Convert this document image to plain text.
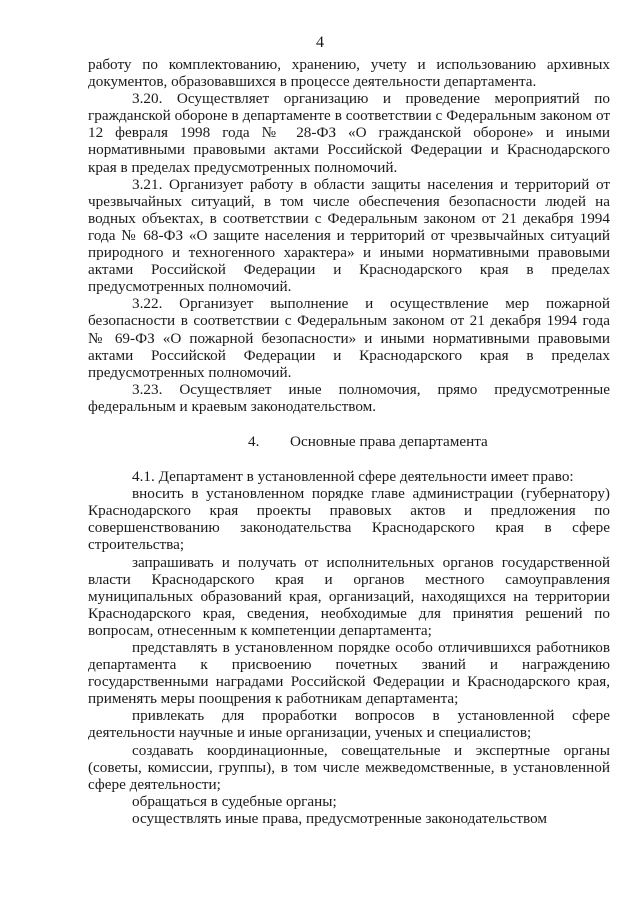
4

работу по комплектованию, хранению, учету и использованию архивных документов, образовавшихся в процессе деятельности департамента.

3.20. Осуществляет организацию и проведение мероприятий по гражданской обороне в департаменте в соответствии с Федеральным законом от 12 февраля 1998 года № 28-ФЗ «О гражданской обороне» и иными нормативными правовыми актами Российской Федерации и Краснодарского края в пределах предусмотренных полномочий.

3.21. Организует работу в области защиты населения и территорий от чрезвычайных ситуаций, в том числе обеспечения безопасности людей на водных объектах, в соответствии с Федеральным законом от 21 декабря 1994 года № 68-ФЗ «О защите населения и территорий от чрезвычайных ситуаций природного и техногенного характера» и иными нормативными правовыми актами Российской Федерации и Краснодарского края в пределах предусмотренных полномочий.

3.22. Организует выполнение и осуществление мер пожарной безопасности в соответствии с Федеральным законом от 21 декабря 1994 года № 69-ФЗ «О пожарной безопасности» и иными нормативными правовыми актами Российской Федерации и Краснодарского края в пределах предусмотренных полномочий.

3.23. Осуществляет иные полномочия, прямо предусмотренные федеральным и краевым законодательством.

4. Основные права департамента

4.1. Департамент в установленной сфере деятельности имеет право:

вносить в установленном порядке главе администрации (губернатору) Краснодарского края проекты правовых актов и предложения по совершенствованию законодательства Краснодарского края в сфере строительства;

запрашивать и получать от исполнительных органов государственной власти Краснодарского края и органов местного самоуправления муниципальных образований края, организаций, находящихся на территории Краснодарского края, сведения, необходимые для принятия решений по вопросам, отнесенным к компетенции департамента;

представлять в установленном порядке особо отличившихся работников департамента к присвоению почетных званий и награждению государственными наградами Российской Федерации и Краснодарского края, применять меры поощрения к работникам департамента;

привлекать для проработки вопросов в установленной сфере деятельности научные и иные организации, ученых и специалистов;

создавать координационные, совещательные и экспертные органы (советы, комиссии, группы), в том числе межведомственные, в установленной сфере деятельности;

обращаться в судебные органы;

осуществлять иные права, предусмотренные законодательством
